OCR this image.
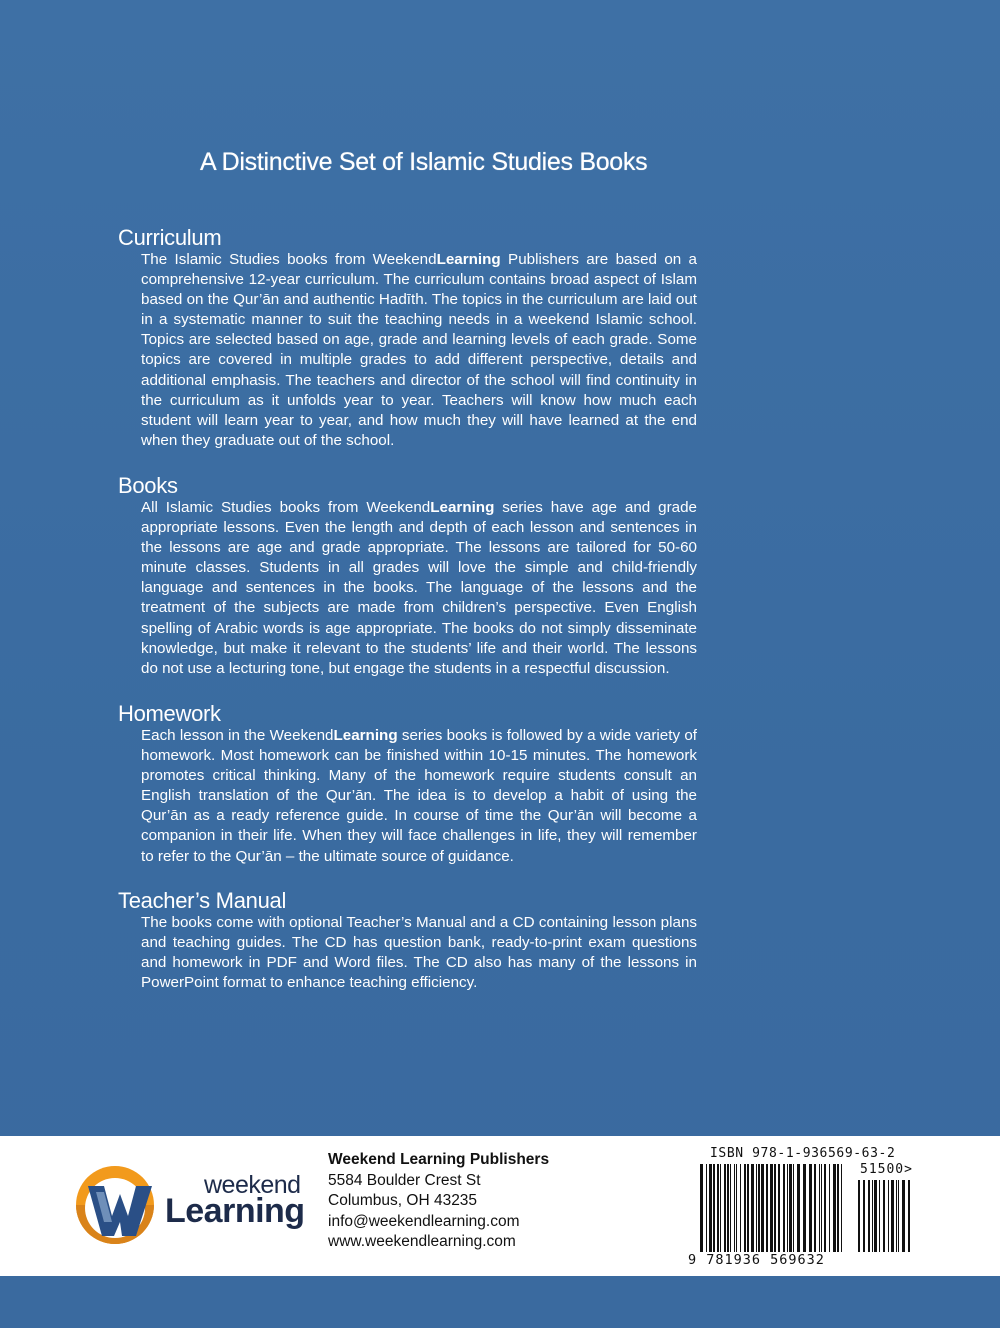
A Distinctive Set of Islamic Studies Books
Curriculum

The Islamic Studies books from WeekendLearning Publishers are based on a comprehensive 12-year curriculum. The curriculum contains broad aspect of Islam based on the Qur’ān and authentic Hadīth. The topics in the curriculum are laid out in a systematic manner to suit the teaching needs in a weekend Islamic school. Topics are selected based on age, grade and learning levels of each grade. Some topics are covered in multiple grades to add different perspective, details and additional emphasis. The teachers and director of the school will find continuity in the curriculum as it unfolds year to year. Teachers will know how much each student will learn year to year, and how much they will have learned at the end when they graduate out of the school.

Books

All Islamic Studies books from WeekendLearning series have age and grade appropriate lessons. Even the length and depth of each lesson and sentences in the lessons are age and grade appropriate. The lessons are tailored for 50-60 minute classes. Students in all grades will love the simple and child-friendly language and sentences in the books. The language of the lessons and the treatment of the subjects are made from children’s perspective. Even English spelling of Arabic words is age appropriate. The books do not simply disseminate knowledge, but make it relevant to the students’ life and their world. The lessons do not use a lecturing tone, but engage the students in a respectful discussion.

Homework

Each lesson in the WeekendLearning series books is followed by a wide variety of homework. Most homework can be finished within 10-15 minutes. The homework promotes critical thinking. Many of the homework require students consult an English translation of the Qur’ān. The idea is to develop a habit of using the Qur’ān as a ready reference guide. In course of time the Qur’ān will become a companion in their life. When they will face challenges in life, they will remember to refer to the Qur’ān – the ultimate source of guidance.

Teacher’s Manual

The books come with optional Teacher’s Manual and a CD containing lesson plans and teaching guides. The CD has question bank, ready-to-print exam questions and homework in PDF and Word files. The CD also has many of the lessons in PowerPoint format to enhance teaching efficiency.

weekend
Learning
Weekend Learning Publishers
5584 Boulder Crest St
Columbus, OH 43235
info@weekendlearning.com
www.weekendlearning.com
ISBN 978-1-936569-63-2
51500>
9 781936 569632
